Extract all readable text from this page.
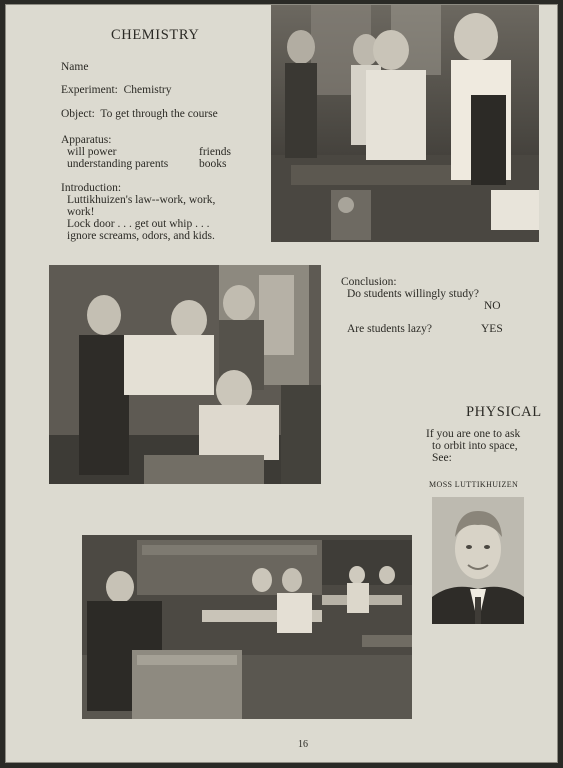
CHEMISTRY
Name
Experiment:  Chemistry
Object:  To get through the course
Apparatus:
will power
understanding parents
friends
books
Introduction:
Luttikhuizen's law--work, work,
work!
Lock door . . . get out whip . . .
ignore screams, odors, and kids.
Conclusion:
Do students willingly study?
NO
Are students lazy?	YES
PHYSICAL
If you are one to ask
to orbit into space,
See:
MOSS LUTTIKHUIZEN
16
